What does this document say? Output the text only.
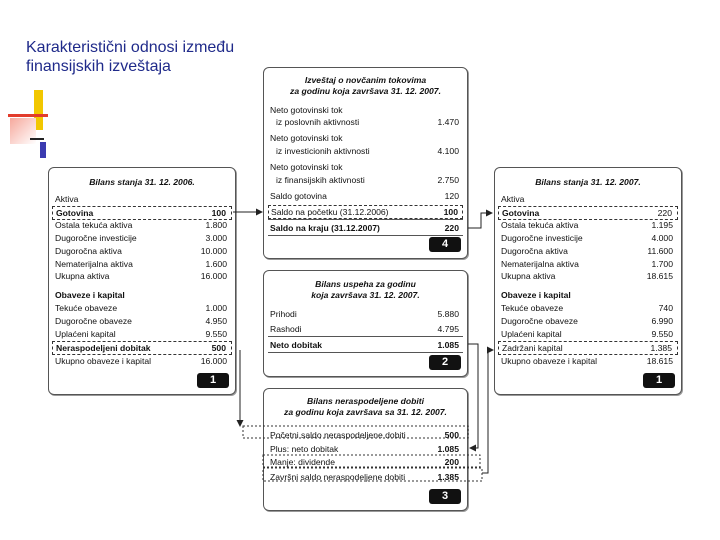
Karakteristični odnosi između finansijskih izveštaja
Izveštaj o novčanim tokovima
za godinu koja završava 31. 12. 2007.
Neto gotovinski tok
iz poslovnih aktivnosti	1.470
Neto gotovinski tok
iz investicionih aktivnosti	4.100
Neto gotovinski tok
iz finansijskih aktivnosti	2.750
Saldo gotovina	120
Saldo na početku (31.12.2006)	100
Saldo na kraju (31.12.2007)	220
4
Bilans stanja 31. 12. 2006.
Aktiva
Gotovina	100
Ostala tekuća aktiva	1.800
Dugoročne investicije	3.000
Dugoročna aktiva	10.000
Nematerijalna aktiva	1.600
Ukupna aktiva	16.000
Obaveze i kapital
Tekuće obaveze	1.000
Dugoročne obaveze	4.950
Uplaćeni kapital	9.550
Neraspodeljeni dobitak	500
Ukupno obaveze i kapital	16.000
1
Bilans uspeha za godinu
koja završava 31. 12. 2007.
Prihodi	5.880
Rashodi	4.795
Neto dobitak	1.085
2
Bilans neraspodeljene dobiti
za godinu koja završava sa 31. 12. 2007.
Početni saldo neraspodeljene dobiti	500
Plus: neto dobitak	1.085
Manje: dividende	200
Završni saldo neraspodeljene dobiti	1.385
3
Bilans stanja 31. 12. 2007.
Aktiva
Gotovina	220
Ostala tekuća aktiva	1.195
Dugoročne investicije	4.000
Dugoročna aktiva	11.600
Nematerijalna aktiva	1.700
Ukupna aktiva	18.615
Obaveze i kapital
Tekuće obaveze	740
Dugoročne obaveze	6.990
Uplaćeni kapital	9.550
Zadržani kapital	1.385
Ukupno obaveze i kapital	18.615
1
